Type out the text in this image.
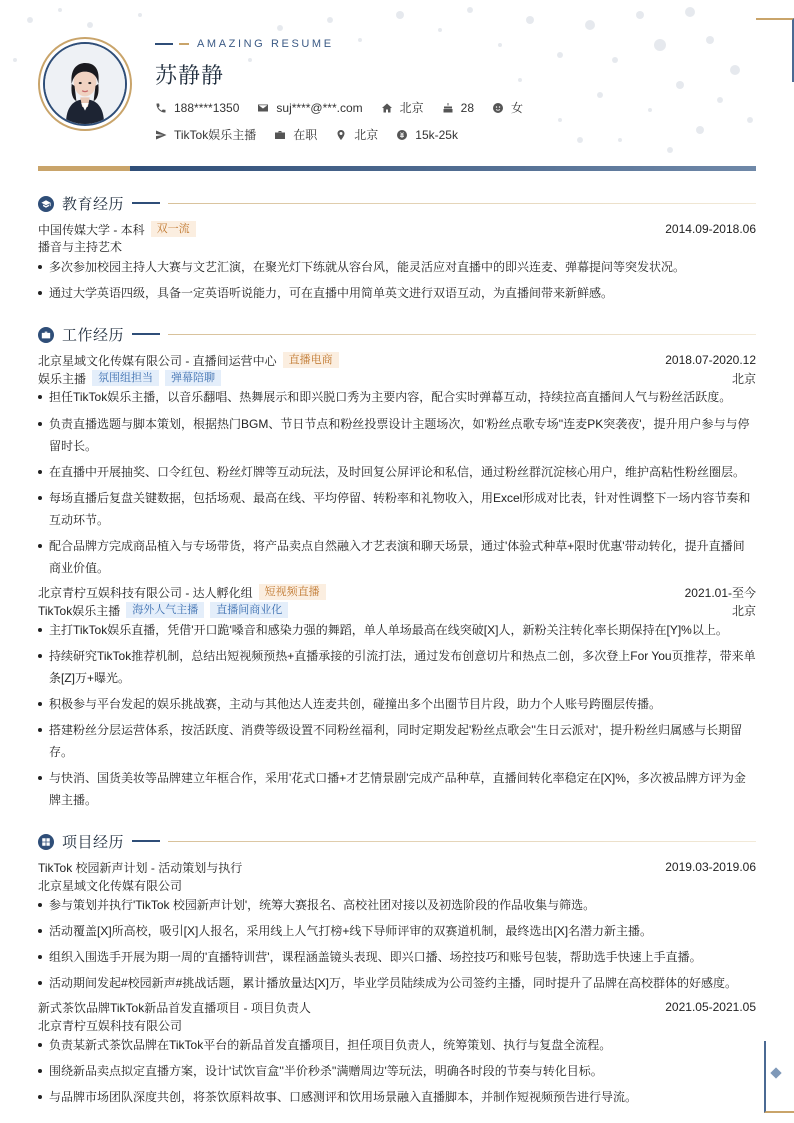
AMAZING RESUME
苏静静
188****1350	suj****@***.com	北京	28	女
TikTok娱乐主播	在职	北京	15k-25k
教育经历
中国传媒大学 - 本科	双一流	2014.09-2018.06
播音与主持艺术
多次参加校园主持人大赛与文艺汇演，在聚光灯下练就从容台风，能灵活应对直播中的即兴连麦、弹幕提问等突发状况。
通过大学英语四级，具备一定英语听说能力，可在直播中用简单英文进行双语互动，为直播间带来新鲜感。
工作经历
北京星域文化传媒有限公司 - 直播间运营中心	直播电商	2018.07-2020.12
娱乐主播	氛围组担当	弹幕陪聊	北京
担任TikTok娱乐主播，以音乐翻唱、热舞展示和即兴脱口秀为主要内容，配合实时弹幕互动，持续拉高直播间人气与粉丝活跃度。
负责直播选题与脚本策划，根据热门BGM、节日节点和粉丝投票设计主题场次，如'粉丝点歌专场''连麦PK突袭夜'，提升用户参与与停留时长。
在直播中开展抽奖、口令红包、粉丝灯牌等互动玩法，及时回复公屏评论和私信，通过粉丝群沉淀核心用户，维护高粘性粉丝圈层。
每场直播后复盘关键数据，包括场观、最高在线、平均停留、转粉率和礼物收入，用Excel形成对比表，针对性调整下一场内容节奏和互动环节。
配合品牌方完成商品植入与专场带货，将产品卖点自然融入才艺表演和聊天场景，通过'体验式种草+限时优惠'带动转化，提升直播间商业价值。
北京青柠互娱科技有限公司 - 达人孵化组	短视频直播	2021.01-至今
TikTok娱乐主播	海外人气主播	直播间商业化	北京
主打TikTok娱乐直播，凭借'开口跪'嗓音和感染力强的舞蹈，单人单场最高在线突破[X]人，新粉关注转化率长期保持在[Y]%以上。
持续研究TikTok推荐机制，总结出短视频预热+直播承接的引流打法，通过发布创意切片和热点二创，多次登上For You页推荐，带来单条[Z]万+曝光。
积极参与平台发起的娱乐挑战赛，主动与其他达人连麦共创，碰撞出多个出圈节目片段，助力个人账号跨圈层传播。
搭建粉丝分层运营体系，按活跃度、消费等级设置不同粉丝福利，同时定期发起'粉丝点歌会''生日云派对'，提升粉丝归属感与长期留存。
与快消、国货美妆等品牌建立年框合作，采用'花式口播+才艺情景剧'完成产品种草，直播间转化率稳定在[X]%，多次被品牌方评为金牌主播。
项目经历
TikTok 校园新声计划 - 活动策划与执行	2019.03-2019.06
北京星域文化传媒有限公司
参与策划并执行'TikTok 校园新声计划'，统筹大赛报名、高校社团对接以及初选阶段的作品收集与筛选。
活动覆盖[X]所高校，吸引[X]人报名，采用线上人气打榜+线下导师评审的双赛道机制，最终选出[X]名潜力新主播。
组织入围选手开展为期一周的'直播特训营'，课程涵盖镜头表现、即兴口播、场控技巧和账号包装，帮助选手快速上手直播。
活动期间发起#校园新声#挑战话题，累计播放量达[X]万，毕业学员陆续成为公司签约主播，同时提升了品牌在高校群体的好感度。
新式茶饮品牌TikTok新品首发直播项目 - 项目负责人	2021.05-2021.05
北京青柠互娱科技有限公司
负责某新式茶饮品牌在TikTok平台的新品首发直播项目，担任项目负责人，统筹策划、执行与复盘全流程。
围绕新品卖点拟定直播方案，设计'试饮盲盒''半价秒杀''满赠周边'等玩法，明确各时段的节奏与转化目标。
与品牌市场团队深度共创，将茶饮原料故事、口感测评和饮用场景融入直播脚本，并制作短视频预告进行导流。
